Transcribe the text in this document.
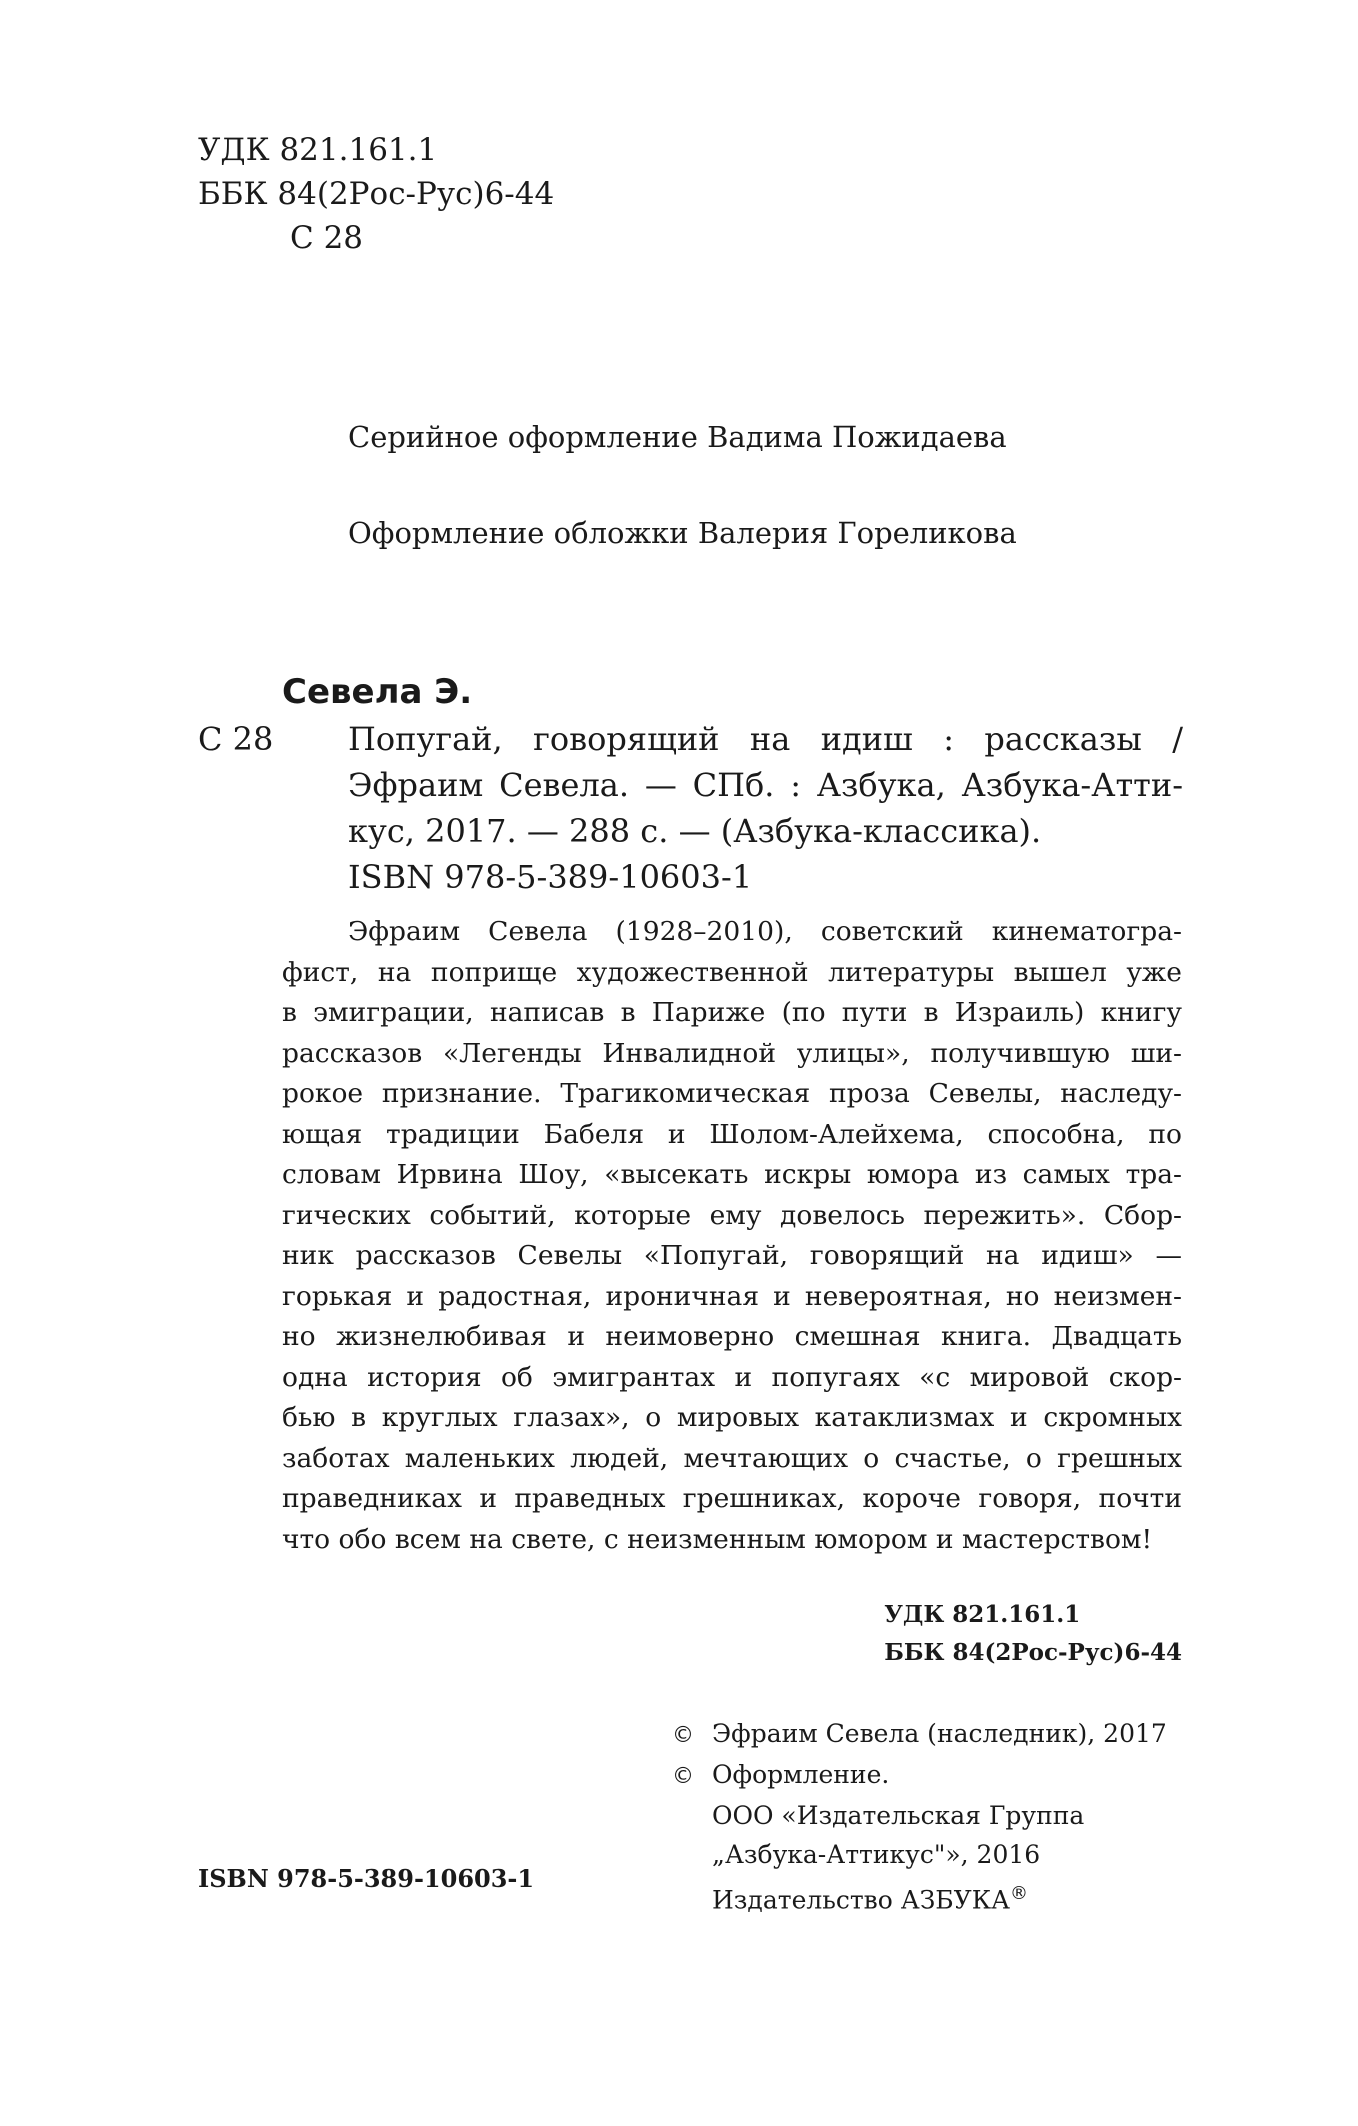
УДК 821.161.1
ББК 84(2Рос-Рус)6-44
С 28
Серийное оформление Вадима Пожидаева
Оформление обложки Валерия Гореликова
Севела Э.
С 28 Попугай, говорящий на идиш : рассказы /
Эфраим Севела. — СПб. : Азбука, Азбука-Атти-
кус, 2017. — 288 с. — (Азбука-классика).
ISBN 978-5-389-10603-1
Эфраим Севела (1928–2010), советский кинематогра-
фист, на поприще художественной литературы вышел уже
в эмиграции, написав в Париже (по пути в Израиль) книгу
рассказов «Легенды Инвалидной улицы», получившую ши-
рокое признание. Трагикомическая проза Севелы, наследу-
ющая традиции Бабеля и Шолом-Алейхема, способна, по
словам Ирвина Шоу, «высекать искры юмора из самых тра-
гических событий, которые ему довелось пережить». Сбор-
ник рассказов Севелы «Попугай, говорящий на идиш» —
горькая и радостная, ироничная и невероятная, но неизмен-
но жизнелюбивая и неимоверно смешная книга. Двадцать
одна история об эмигрантах и попугаях «с мировой скор-
бью в круглых глазах», о мировых катаклизмах и скромных
заботах маленьких людей, мечтающих о счастье, о грешных
праведниках и праведных грешниках, короче говоря, почти
что обо всем на свете, с неизменным юмором и мастерством!
УДК 821.161.1
ББК 84(2Рос-Рус)6-44
© Эфраим Севела (наследник), 2017
© Оформление.
ООО «Издательская Группа
„Азбука-Аттикус"», 2016
Издательство АЗБУКА®
ISBN 978-5-389-10603-1
